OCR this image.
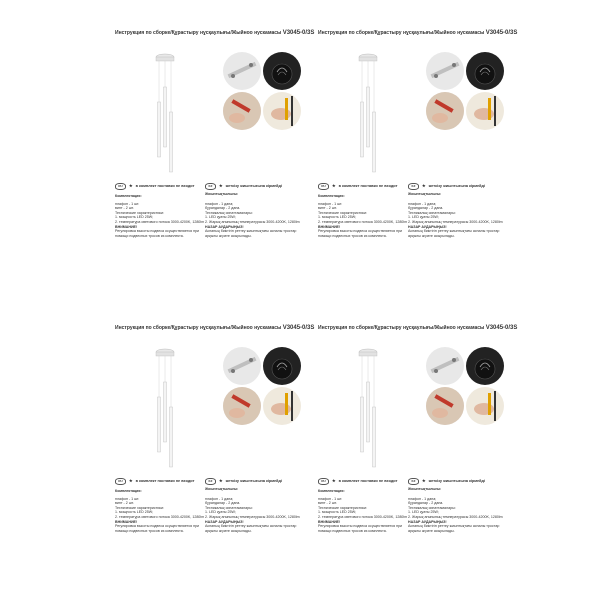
Инструкция по сборке/Құрастыру нұсқаулығы/Жыйноо нускамасы V3045-0/3S
RU	★ в комплект поставки не входит
Комплектация:
плафон - 1 шт.
винт - 2 шт.
Технические характеристики:
1. мощность LED 25W;
2. температура светового потока 3000-4200K, 1280lm
ВНИМАНИЕ!
Регулировка высоты подвеса осуществляется при помощи подвесных тросов из комплекта.
KZ	★ жеткізу жиынтығына кірмейді
Жиынтықтылығы:
плафон - 1 дана;
бұрандалар - 2 дана.
Техникалық сипаттамалары:
1. LED қуаты 25W;
2. Жарық ағынының температурасы 3000-4200K, 1280lm
НАЗАР АУДАРЫҢЫЗ!
Аспаның биіктігін реттеу жиынтықтағы аспалы тростар арқылы жүзеге асырылады.
Инструкция по сборке/Құрастыру нұсқаулығы/Жыйноо нускамасы V3045-0/3S
RU	★ в комплект поставки не входит
Комплектация:
плафон - 1 шт.
винт - 2 шт.
Технические характеристики:
1. мощность LED 25W;
2. температура светового потока 3000-4200K, 1280lm
ВНИМАНИЕ!
Регулировка высоты подвеса осуществляется при помощи подвесных тросов из комплекта.
KZ	★ жеткізу жиынтығына кірмейді
Жиынтықтылығы:
плафон - 1 дана;
бұрандалар - 2 дана.
Техникалық сипаттамалары:
1. LED қуаты 25W;
2. Жарық ағынының температурасы 3000-4200K, 1280lm
НАЗАР АУДАРЫҢЫЗ!
Аспаның биіктігін реттеу жиынтықтағы аспалы тростар арқылы жүзеге асырылады.
Инструкция по сборке/Құрастыру нұсқаулығы/Жыйноо нускамасы V3045-0/3S
RU	★ в комплект поставки не входит
Комплектация:
плафон - 1 шт.
винт - 2 шт.
Технические характеристики:
1. мощность LED 25W;
2. температура светового потока 3000-4200K, 1280lm
ВНИМАНИЕ!
Регулировка высоты подвеса осуществляется при помощи подвесных тросов из комплекта.
KZ	★ жеткізу жиынтығына кірмейді
Жиынтықтылығы:
плафон - 1 дана;
бұрандалар - 2 дана.
Техникалық сипаттамалары:
1. LED қуаты 25W;
2. Жарық ағынының температурасы 3000-4200K, 1280lm
НАЗАР АУДАРЫҢЫЗ!
Аспаның биіктігін реттеу жиынтықтағы аспалы тростар арқылы жүзеге асырылады.
Инструкция по сборке/Құрастыру нұсқаулығы/Жыйноо нускамасы V3045-0/3S
RU	★ в комплект поставки не входит
Комплектация:
плафон - 1 шт.
винт - 2 шт.
Технические характеристики:
1. мощность LED 25W;
2. температура светового потока 3000-4200K, 1280lm
ВНИМАНИЕ!
Регулировка высоты подвеса осуществляется при помощи подвесных тросов из комплекта.
KZ	★ жеткізу жиынтығына кірмейді
Жиынтықтылығы:
плафон - 1 дана;
бұрандалар - 2 дана.
Техникалық сипаттамалары:
1. LED қуаты 25W;
2. Жарық ағынының температурасы 3000-4200K, 1280lm
НАЗАР АУДАРЫҢЫЗ!
Аспаның биіктігін реттеу жиынтықтағы аспалы тростар арқылы жүзеге асырылады.
